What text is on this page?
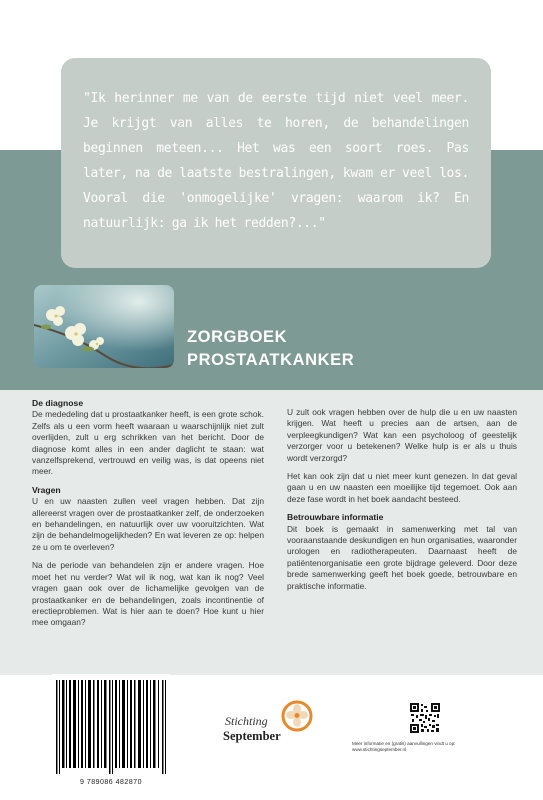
"Ik herinner me van de eerste tijd niet veel meer. Je krijgt van alles te horen, de behandelingen beginnen meteen... Het was een soort roes. Pas later, na de laatste bestralingen, kwam er veel los. Vooral die 'onmogelijke' vragen: waarom ik? En natuurlijk: ga ik het redden?..."

ZORGBOEK
PROSTAATKANKER
De diagnose

De mededeling dat u prostaatkanker heeft, is een grote schok. Zelfs als u een vorm heeft waaraan u waarschijnlijk niet zult overlijden, zult u erg schrikken van het bericht. Door de diagnose komt alles in een ander daglicht te staan: wat vanzelfsprekend, vertrouwd en veilig was, is dat opeens niet meer.

Vragen

U en uw naasten zullen veel vragen hebben. Dat zijn allereerst vragen over de prostaatkanker zelf, de onderzoeken en behandelingen, en natuurlijk over uw vooruitzichten. Wat zijn de behandelmogelijkheden? En wat leveren ze op: helpen ze u om te overleven?

Na de periode van behandelen zijn er andere vragen. Hoe moet het nu verder? Wat wil ik nog, wat kan ik nog? Veel vragen gaan ook over de lichamelijke gevolgen van de prostaatkanker en de behandelingen, zoals incontinentie of erectieproblemen. Wat is hier aan te doen? Hoe kunt u hier mee omgaan?

U zult ook vragen hebben over de hulp die u en uw naasten krijgen. Wat heeft u precies aan de artsen, aan de verpleegkundigen? Wat kan een psycholoog of geestelijk verzorger voor u betekenen? Welke hulp is er als u thuis wordt verzorgd?

Het kan ook zijn dat u niet meer kunt genezen. In dat geval gaan u en uw naasten een moeilijke tijd tegemoet. Ook aan deze fase wordt in het boek aandacht besteed.

Betrouwbare informatie

Dit boek is gemaakt in samenwerking met tal van vooraanstaande deskundigen en hun organisaties, waaronder urologen en radiotherapeuten. Daarnaast heeft de patiëntenorganisatie een grote bijdrage geleverd. Door deze brede samenwerking geeft het boek goede, betrouwbare en praktische informatie.

9 789086 482870
Stichting
September
Meer informatie en (gratis) aanvullingen vindt u op:
www.stichtingseptember.nl
